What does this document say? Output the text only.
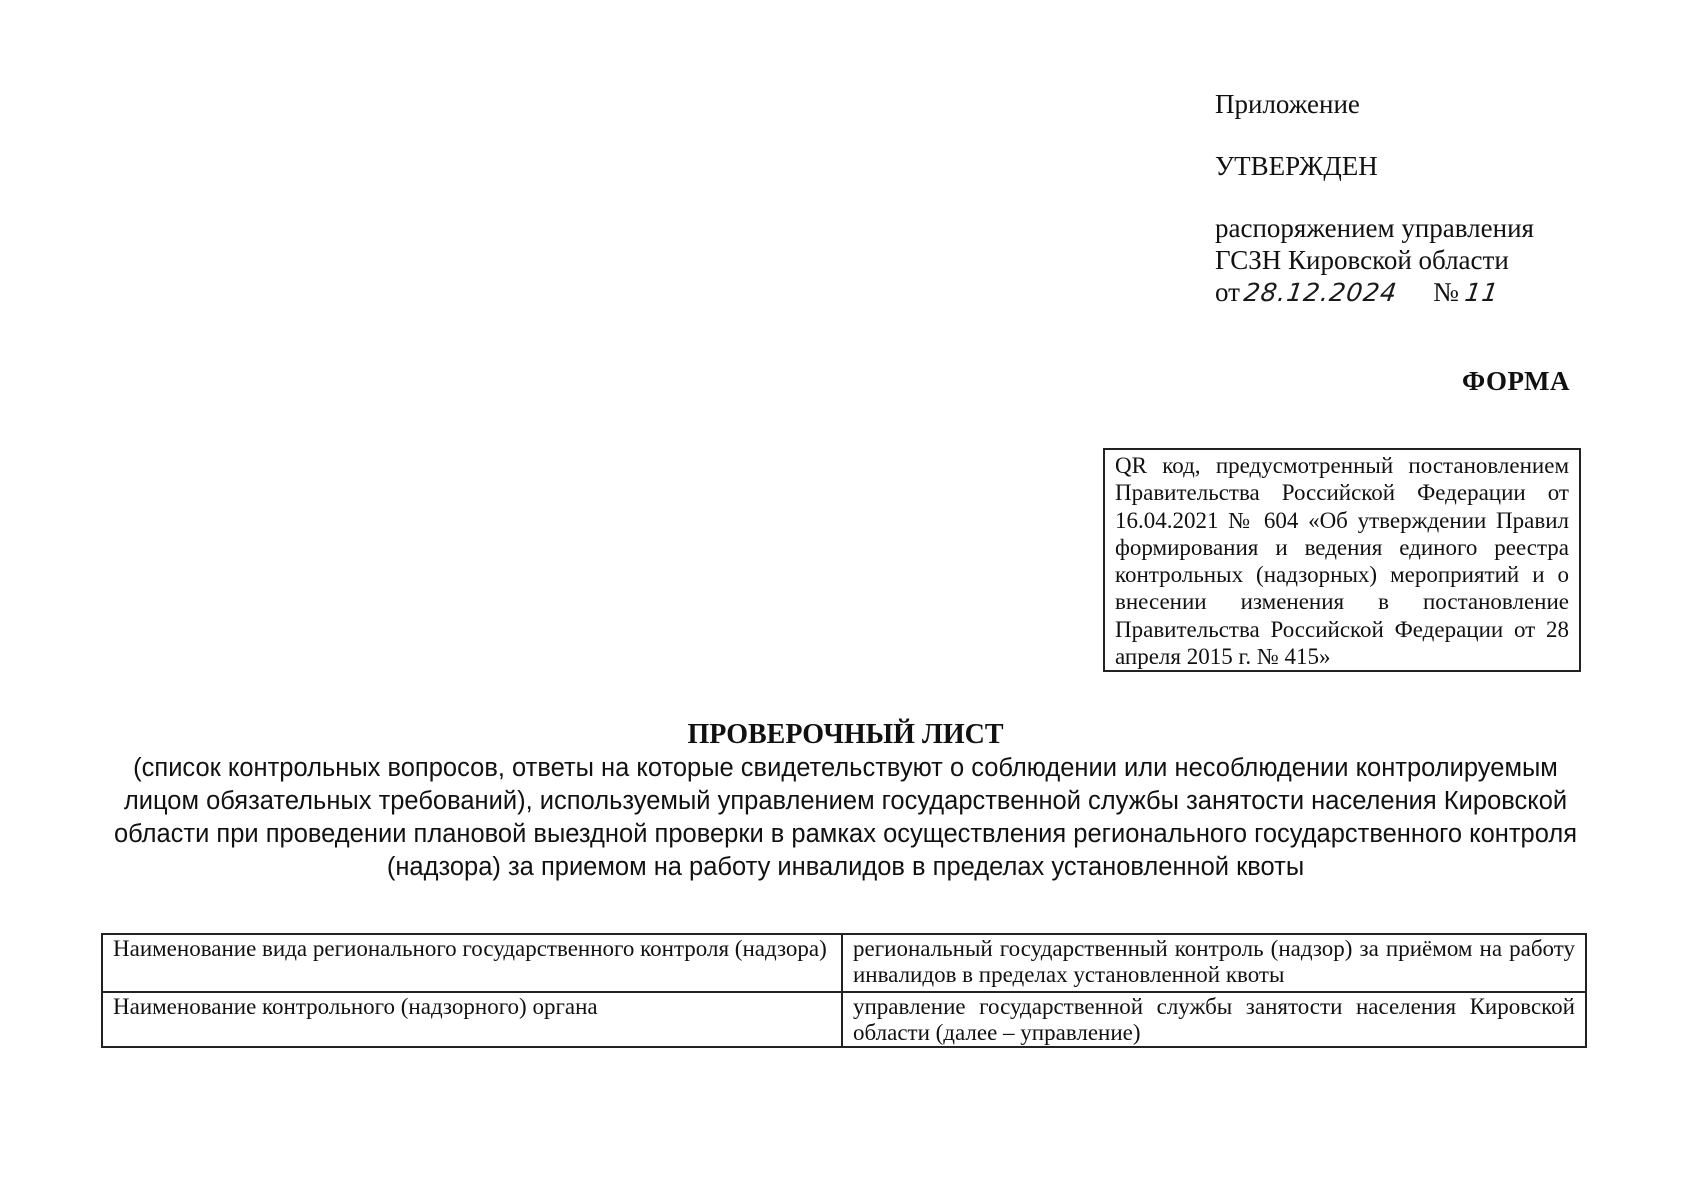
Приложение
УТВЕРЖДЕН
распоряжением управления
ГСЗН Кировской области
от28.12.2024 № 11
ФОРМА
QR код, предусмотренный постановлением Правительства Российской Федерации от 16.04.2021 № 604 «Об утверждении Правил формирования и ведения единого реестра контрольных (надзорных) мероприятий и о внесении изменения в постановление Правительства Российской Федерации от 28 апреля 2015 г. № 415»
ПРОВЕРОЧНЫЙ ЛИСТ
(список контрольных вопросов, ответы на которые свидетельствуют о соблюдении или несоблюдении контролируемым лицом обязательных требований), используемый управлением государственной службы занятости населения Кировской области при проведении плановой выездной проверки в рамках осуществления регионального государственного контроля (надзора) за приемом на работу инвалидов в пределах установленной квоты
Наименование вида регионального государственного контроля (надзора)	региональный государственный контроль (надзор) за приёмом на работу инвалидов в пределах установленной квоты
Наименование контрольного (надзорного) органа	управление государственной службы занятости населения Кировской области (далее – управление)
